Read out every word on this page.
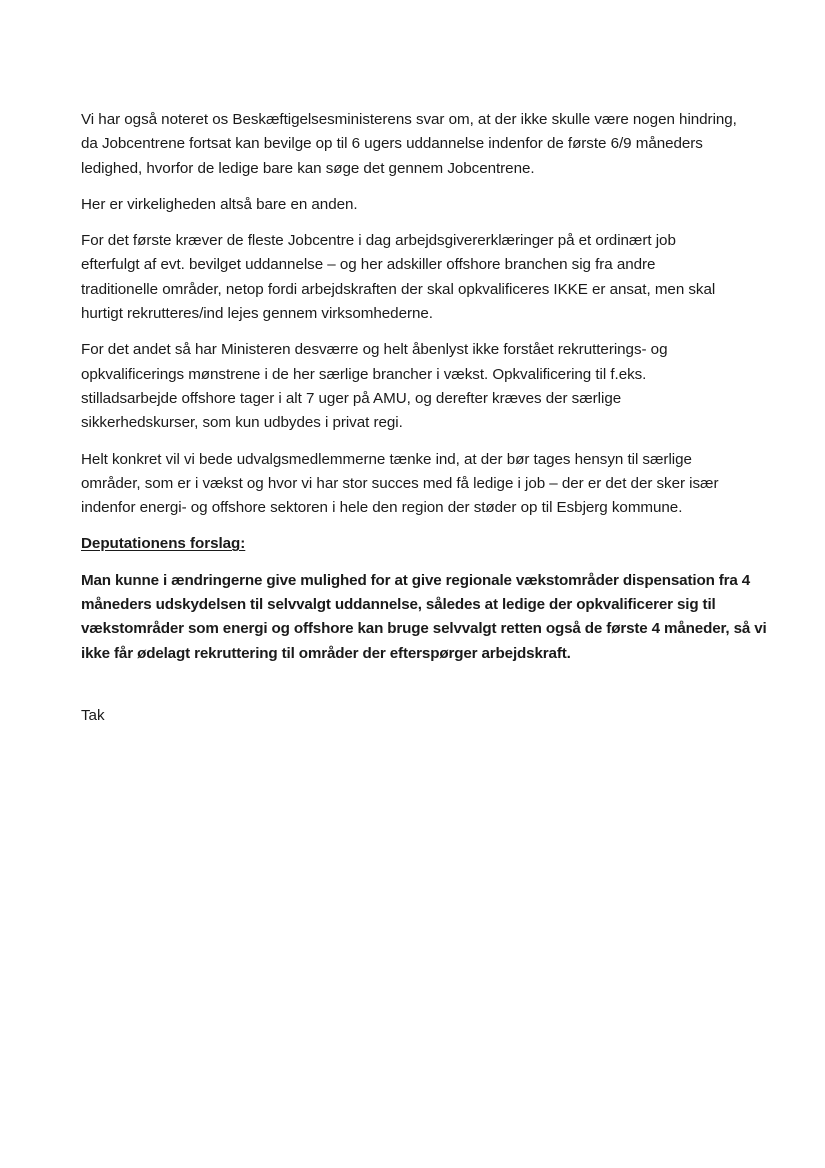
Vi har også noteret os Beskæftigelsesministerens svar om, at der ikke skulle være nogen hindring,
da Jobcentrene fortsat kan bevilge op til 6 ugers uddannelse indenfor de første 6/9 måneders
ledighed, hvorfor de ledige bare kan søge det gennem Jobcentrene.
Her er virkeligheden altså bare en anden.
For det første kræver de fleste Jobcentre i dag arbejdsgivererklæringer på et ordinært job
efterfulgt af evt. bevilget uddannelse – og her adskiller offshore branchen sig fra andre
traditionelle områder, netop fordi arbejdskraften der skal opkvalificeres IKKE er ansat, men skal
hurtigt rekrutteres/ind lejes gennem virksomhederne.
For det andet så har Ministeren desværre og helt åbenlyst ikke forstået rekrutterings- og
opkvalificerings mønstrene i de her særlige brancher i vækst. Opkvalificering til f.eks.
stilladsarbejde offshore tager i alt 7 uger på AMU, og derefter kræves der særlige
sikkerhedskurser, som kun udbydes i privat regi.
Helt konkret vil vi bede udvalgsmedlemmerne tænke ind, at der bør tages hensyn til særlige
områder, som er i vækst og hvor vi har stor succes med få ledige i job – der er det der sker især
indenfor energi- og offshore sektoren i hele den region der støder op til Esbjerg kommune.
Deputationens forslag:
Man kunne i ændringerne give mulighed for at give regionale vækstområder dispensation fra 4
måneders udskydelsen til selvvalgt uddannelse, således at ledige der opkvalificerer sig til
vækstområder som energi og offshore kan bruge selvvalgt retten også de første 4 måneder, så vi
ikke får ødelagt rekruttering til områder der efterspørger arbejdskraft.
Tak
